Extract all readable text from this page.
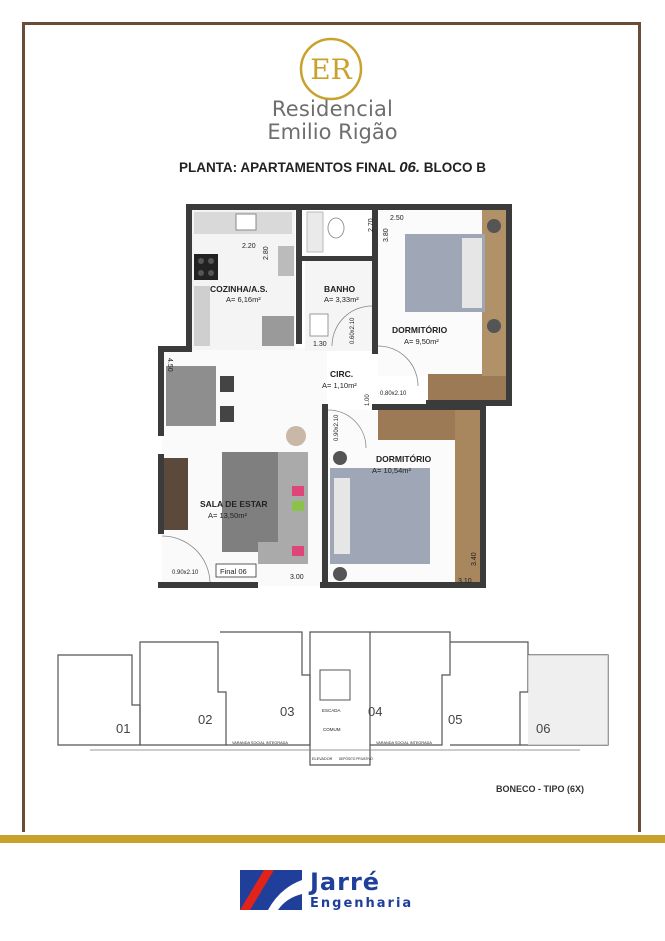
ER
Residencial
Emilio Rigão
PLANTA: APARTAMENTOS FINAL 06. BLOCO B
2.20 2.80
2.70 2.50
3.80
1.30
4.50
3.00
3.10
3.40
0.60x2.10
0.80x2.10
0.90x2.10
1.00
0.90x2.10
COZINHA/A.S.
A= 6,16m²
BANHO
A= 3,33m²
DORMITÓRIO
A= 9,50m²
CIRC.
A= 1,10m²
DORMITÓRIO
A= 10,54m²
SALA DE ESTAR
A= 13,50m²
Final 06
01
02
03	04
05
06
ESCADA
COMUM
ELEVADOR DEPÓSITO PRIVATIVO
VARANDA SOCIAL INTEGRADA	VARANDA SOCIAL INTEGRADA
BONECO - TIPO (6X)
Jarré
Engenharia
